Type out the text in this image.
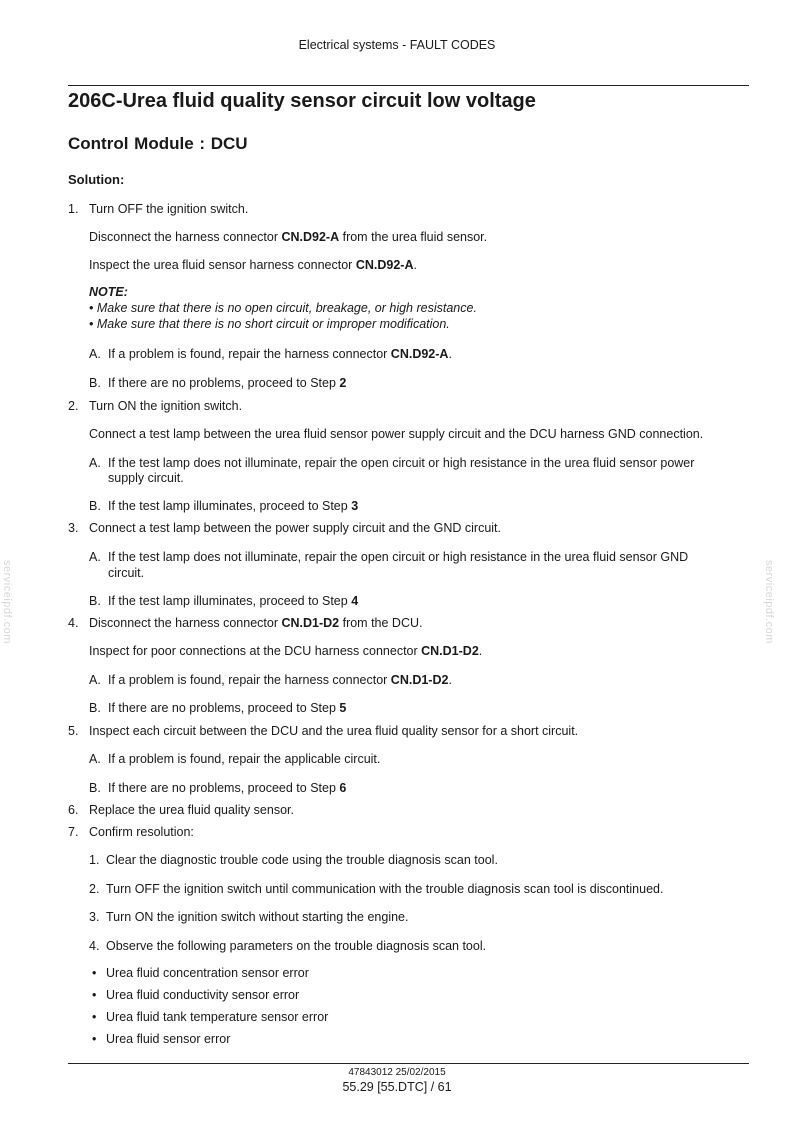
Electrical systems - FAULT CODES
206C-Urea fluid quality sensor circuit low voltage
Control Module : DCU
Solution:
1. Turn OFF the ignition switch.
Disconnect the harness connector CN.D92-A from the urea fluid sensor.
Inspect the urea fluid sensor harness connector CN.D92-A.
NOTE:
• Make sure that there is no open circuit, breakage, or high resistance.
• Make sure that there is no short circuit or improper modification.
A. If a problem is found, repair the harness connector CN.D92-A.
B. If there are no problems, proceed to Step 2
2. Turn ON the ignition switch.
Connect a test lamp between the urea fluid sensor power supply circuit and the DCU harness GND connection.
A. If the test lamp does not illuminate, repair the open circuit or high resistance in the urea fluid sensor power
supply circuit.
B. If the test lamp illuminates, proceed to Step 3
3. Connect a test lamp between the power supply circuit and the GND circuit.
A. If the test lamp does not illuminate, repair the open circuit or high resistance in the urea fluid sensor GND
circuit.
B. If the test lamp illuminates, proceed to Step 4
4. Disconnect the harness connector CN.D1-D2 from the DCU.
Inspect for poor connections at the DCU harness connector CN.D1-D2.
A. If a problem is found, repair the harness connector CN.D1-D2.
B. If there are no problems, proceed to Step 5
5. Inspect each circuit between the DCU and the urea fluid quality sensor for a short circuit.
A. If a problem is found, repair the applicable circuit.
B. If there are no problems, proceed to Step 6
6. Replace the urea fluid quality sensor.
7. Confirm resolution:
1. Clear the diagnostic trouble code using the trouble diagnosis scan tool.
2. Turn OFF the ignition switch until communication with the trouble diagnosis scan tool is discontinued.
3. Turn ON the ignition switch without starting the engine.
4. Observe the following parameters on the trouble diagnosis scan tool.
• Urea fluid concentration sensor error
• Urea fluid conductivity sensor error
• Urea fluid tank temperature sensor error
• Urea fluid sensor error
serviceipdf.com	serviceipdf.com
47843012 25/02/2015
55.29 [55.DTC] / 61
